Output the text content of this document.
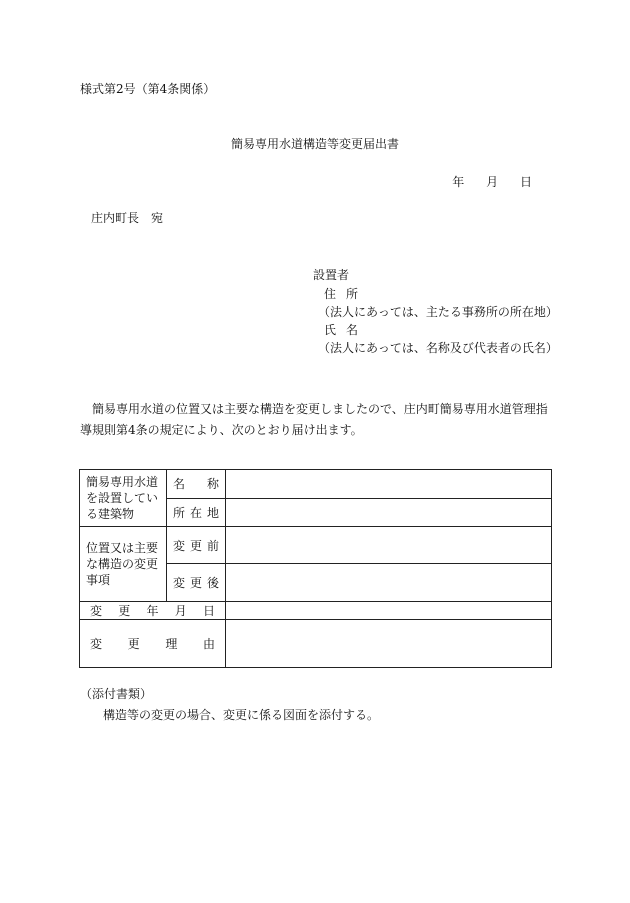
様式第2号（第4条関係）
簡易専用水道構造等変更届出書
年 月 日
庄内町長　宛
設置者
住所
（法人にあっては、主たる事務所の所在地）
氏名
（法人にあっては、名称及び代表者の氏名）
簡易専用水道の位置又は主要な構造を変更しましたので、庄内町簡易専用水道管理指導規則第4条の規定により、次のとおり届け出ます。
簡易専用水道を設置している建築物	名称	
	所在地	
位置又は主要な構造の変更事項	変更前	
	変更後	
変更年月日		
変更理由		
（添付書類）
構造等の変更の場合、変更に係る図面を添付する。
